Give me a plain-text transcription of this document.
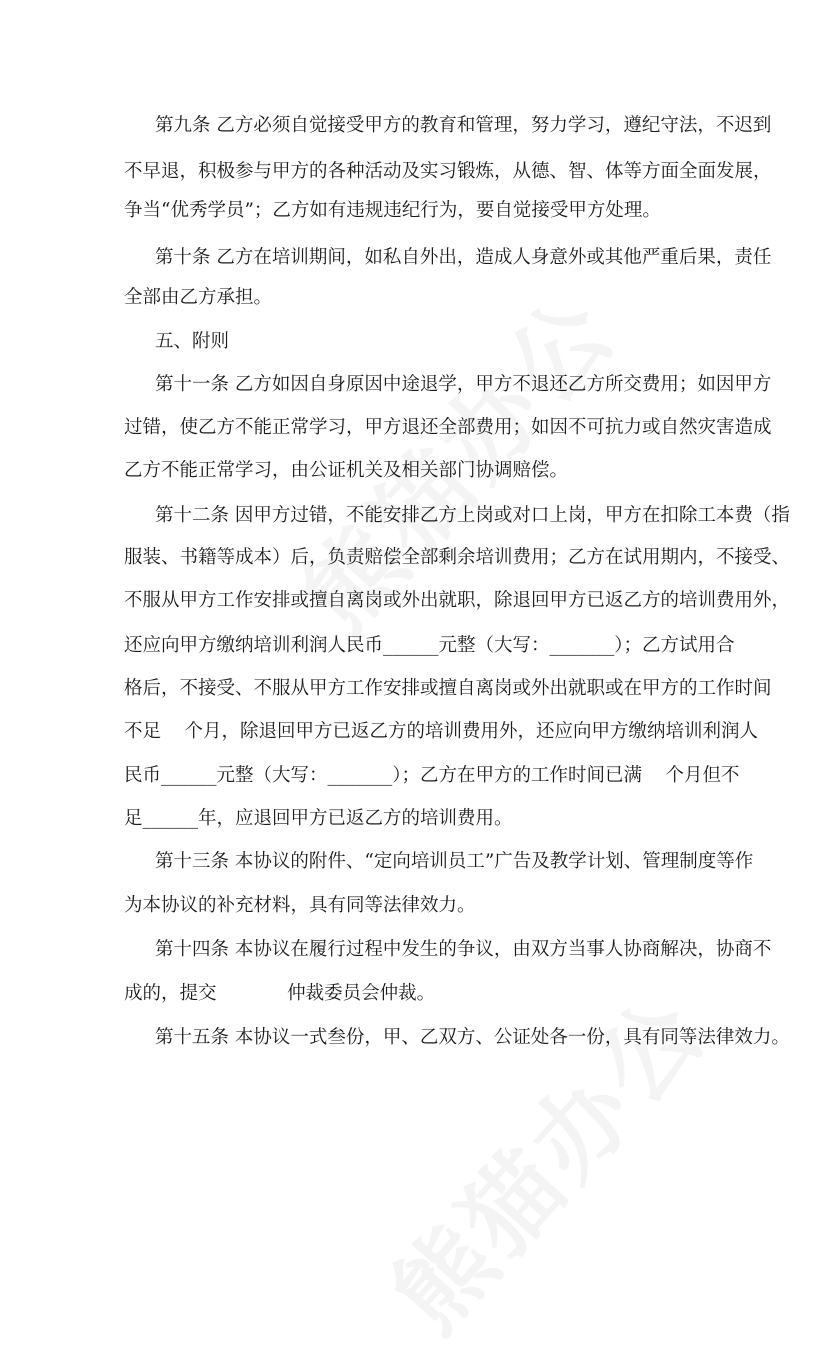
第九条 乙方必须自觉接受甲方的教育和管理，努力学习，遵纪守法，不迟到
不早退，积极参与甲方的各种活动及实习锻炼，从德、智、体等方面全面发展，
争当“优秀学员”；乙方如有违规违纪行为，要自觉接受甲方处理。
第十条 乙方在培训期间，如私自外出，造成人身意外或其他严重后果，责任
全部由乙方承担。
五、附则
第十一条 乙方如因自身原因中途退学，甲方不退还乙方所交费用；如因甲方
过错，使乙方不能正常学习，甲方退还全部费用；如因不可抗力或自然灾害造成
乙方不能正常学习，由公证机关及相关部门协调赔偿。
第十二条 因甲方过错，不能安排乙方上岗或对口上岗，甲方在扣除工本费（指
服装、书籍等成本）后，负责赔偿全部剩余培训费用；乙方在试用期内，不接受、
不服从甲方工作安排或擅自离岗或外出就职，除退回甲方已返乙方的培训费用外，
还应向甲方缴纳培训利润人民币______元整（大写：_______）；乙方试用合
格后，不接受、不服从甲方工作安排或擅自离岗或外出就职或在甲方的工作时间
不足    个月，除退回甲方已返乙方的培训费用外，还应向甲方缴纳培训利润人
民币______元整（大写：_______）；乙方在甲方的工作时间已满    个月但不
足______年，应退回甲方已返乙方的培训费用。
第十三条 本协议的附件、“定向培训员工”广告及教学计划、管理制度等作
为本协议的补充材料，具有同等法律效力。
第十四条 本协议在履行过程中发生的争议，由双方当事人协商解决，协商不
成的，提交            仲裁委员会仲裁。
第十五条 本协议一式叁份，甲、乙双方、公证处各一份，具有同等法律效力。
